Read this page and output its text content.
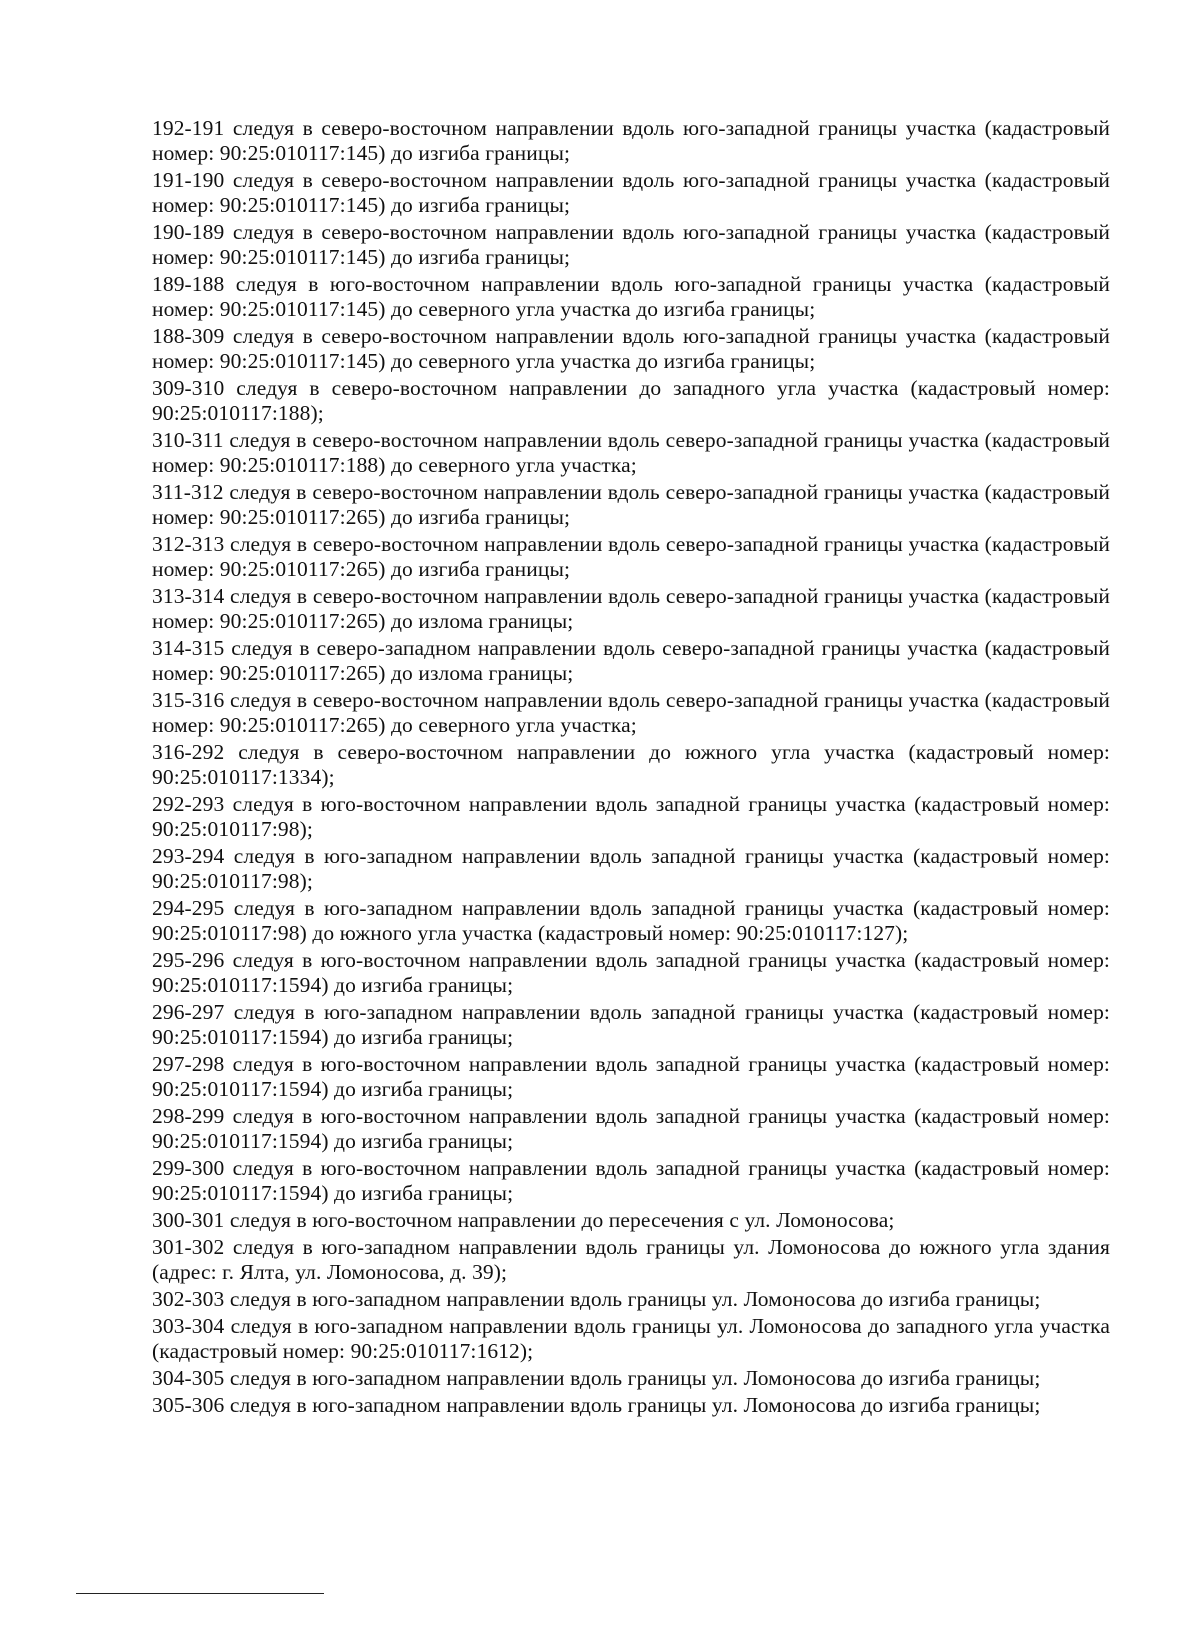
192-191 следуя в северо-восточном направлении вдоль юго-западной границы участка (кадастровый номер: 90:25:010117:145) до изгиба границы;

191-190 следуя в северо-восточном направлении вдоль юго-западной границы участка (кадастровый номер: 90:25:010117:145) до изгиба границы;

190-189 следуя в северо-восточном направлении вдоль юго-западной границы участка (кадастровый номер: 90:25:010117:145) до изгиба границы;

189-188 следуя в юго-восточном направлении вдоль юго-западной границы участка (кадастровый номер: 90:25:010117:145) до северного угла участка до изгиба границы;

188-309 следуя в северо-восточном направлении вдоль юго-западной границы участка (кадастровый номер: 90:25:010117:145) до северного угла участка до изгиба границы;

309-310 следуя в северо-восточном направлении до западного угла участка (кадастровый номер: 90:25:010117:188);

310-311 следуя в северо-восточном направлении вдоль северо-западной границы участка (кадастровый номер: 90:25:010117:188) до северного угла участка;

311-312 следуя в северо-восточном направлении вдоль северо-западной границы участка (кадастровый номер: 90:25:010117:265) до изгиба границы;

312-313 следуя в северо-восточном направлении вдоль северо-западной границы участка (кадастровый номер: 90:25:010117:265) до изгиба границы;

313-314 следуя в северо-восточном направлении вдоль северо-западной границы участка (кадастровый номер: 90:25:010117:265) до излома границы;

314-315 следуя в северо-западном направлении вдоль северо-западной границы участка (кадастровый номер: 90:25:010117:265) до излома границы;

315-316 следуя в северо-восточном направлении вдоль северо-западной границы участка (кадастровый номер: 90:25:010117:265) до северного угла участка;

316-292 следуя в северо-восточном направлении до южного угла участка (кадастровый номер: 90:25:010117:1334);

292-293 следуя в юго-восточном направлении вдоль западной границы участка (кадастровый номер: 90:25:010117:98);

293-294 следуя в юго-западном направлении вдоль западной границы участка (кадастровый номер: 90:25:010117:98);

294-295 следуя в юго-западном направлении вдоль западной границы участка (кадастровый номер: 90:25:010117:98) до южного угла участка (кадастровый номер: 90:25:010117:127);

295-296 следуя в юго-восточном направлении вдоль западной границы участка (кадастровый номер: 90:25:010117:1594) до изгиба границы;

296-297 следуя в юго-западном направлении вдоль западной границы участка (кадастровый номер: 90:25:010117:1594) до изгиба границы;

297-298 следуя в юго-восточном направлении вдоль западной границы участка (кадастровый номер: 90:25:010117:1594) до изгиба границы;

298-299 следуя в юго-восточном направлении вдоль западной границы участка (кадастровый номер: 90:25:010117:1594) до изгиба границы;

299-300 следуя в юго-восточном направлении вдоль западной границы участка (кадастровый номер: 90:25:010117:1594) до изгиба границы;

300-301 следуя в юго-восточном направлении до пересечения с ул. Ломоносова;

301-302 следуя в юго-западном направлении вдоль границы ул. Ломоносова до южного угла здания (адрес: г. Ялта, ул. Ломоносова, д. 39);

302-303 следуя в юго-западном направлении вдоль границы ул. Ломоносова до изгиба границы;

303-304 следуя в юго-западном направлении вдоль границы ул. Ломоносова до западного угла участка (кадастровый номер: 90:25:010117:1612);

304-305 следуя в юго-западном направлении вдоль границы ул. Ломоносова до изгиба границы;

305-306 следуя в юго-западном направлении вдоль границы ул. Ломоносова до изгиба границы;
